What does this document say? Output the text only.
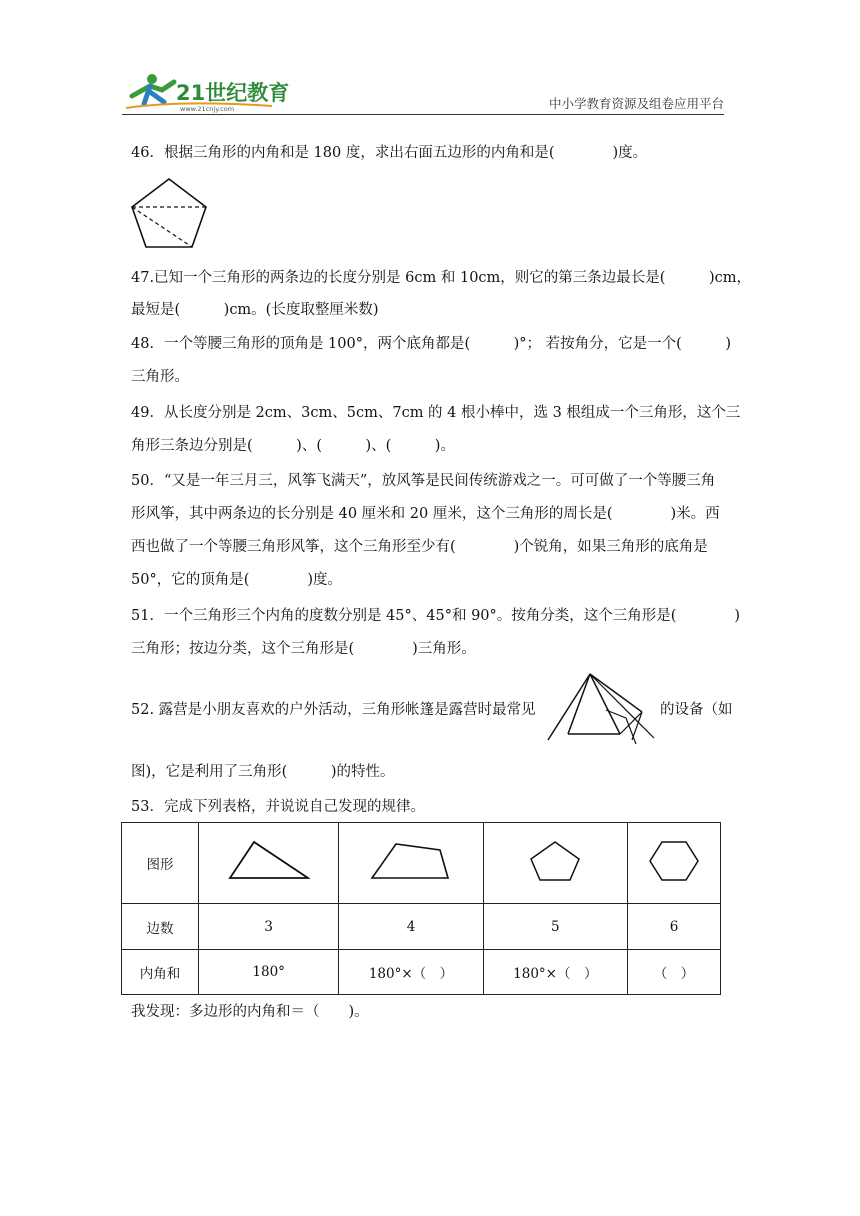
21世纪教育
www.21cnjy.com	中小学教育资源及组卷应用平台
46．根据三角形的内角和是 180 度，求出右面五边形的内角和是(　　　　)度。
47.已知一个三角形的两条边的长度分别是 6cm 和 10cm，则它的第三条边最长是(　　　)cm，
最短是(　　　)cm。(长度取整厘米数)
48．一个等腰三角形的顶角是 100°，两个底角都是(　　　)°； 若按角分，它是一个(　　　)
三角形。
49．从长度分别是 2cm、3cm、5cm、7cm 的 4 根小棒中，选 3 根组成一个三角形，这个三
角形三条边分别是(　　　)、(　　　)、(　　　)。
50．“又是一年三月三，风筝飞满天”，放风筝是民间传统游戏之一。可可做了一个等腰三角
形风筝，其中两条边的长分别是 40 厘米和 20 厘米，这个三角形的周长是(　　　　)米。西
西也做了一个等腰三角形风筝，这个三角形至少有(　　　　)个锐角，如果三角形的底角是
50°，它的顶角是(　　　　)度。
51．一个三角形三个内角的度数分别是 45°、45°和 90°。按角分类，这个三角形是(　　　　)
三角形；按边分类，这个三角形是(　　　　)三角形。
52. 露营是小朋友喜欢的户外活动，三角形帐篷是露营时最常见	的设备（如
图)，它是利用了三角形(　　　)的特性。
53．完成下列表格，并说说自己发现的规律。
图形				
边数	3	4	5	6
内角和	180°	180°×（　）	180°×（　）	（　）
我发现：多边形的内角和＝（　　)。
